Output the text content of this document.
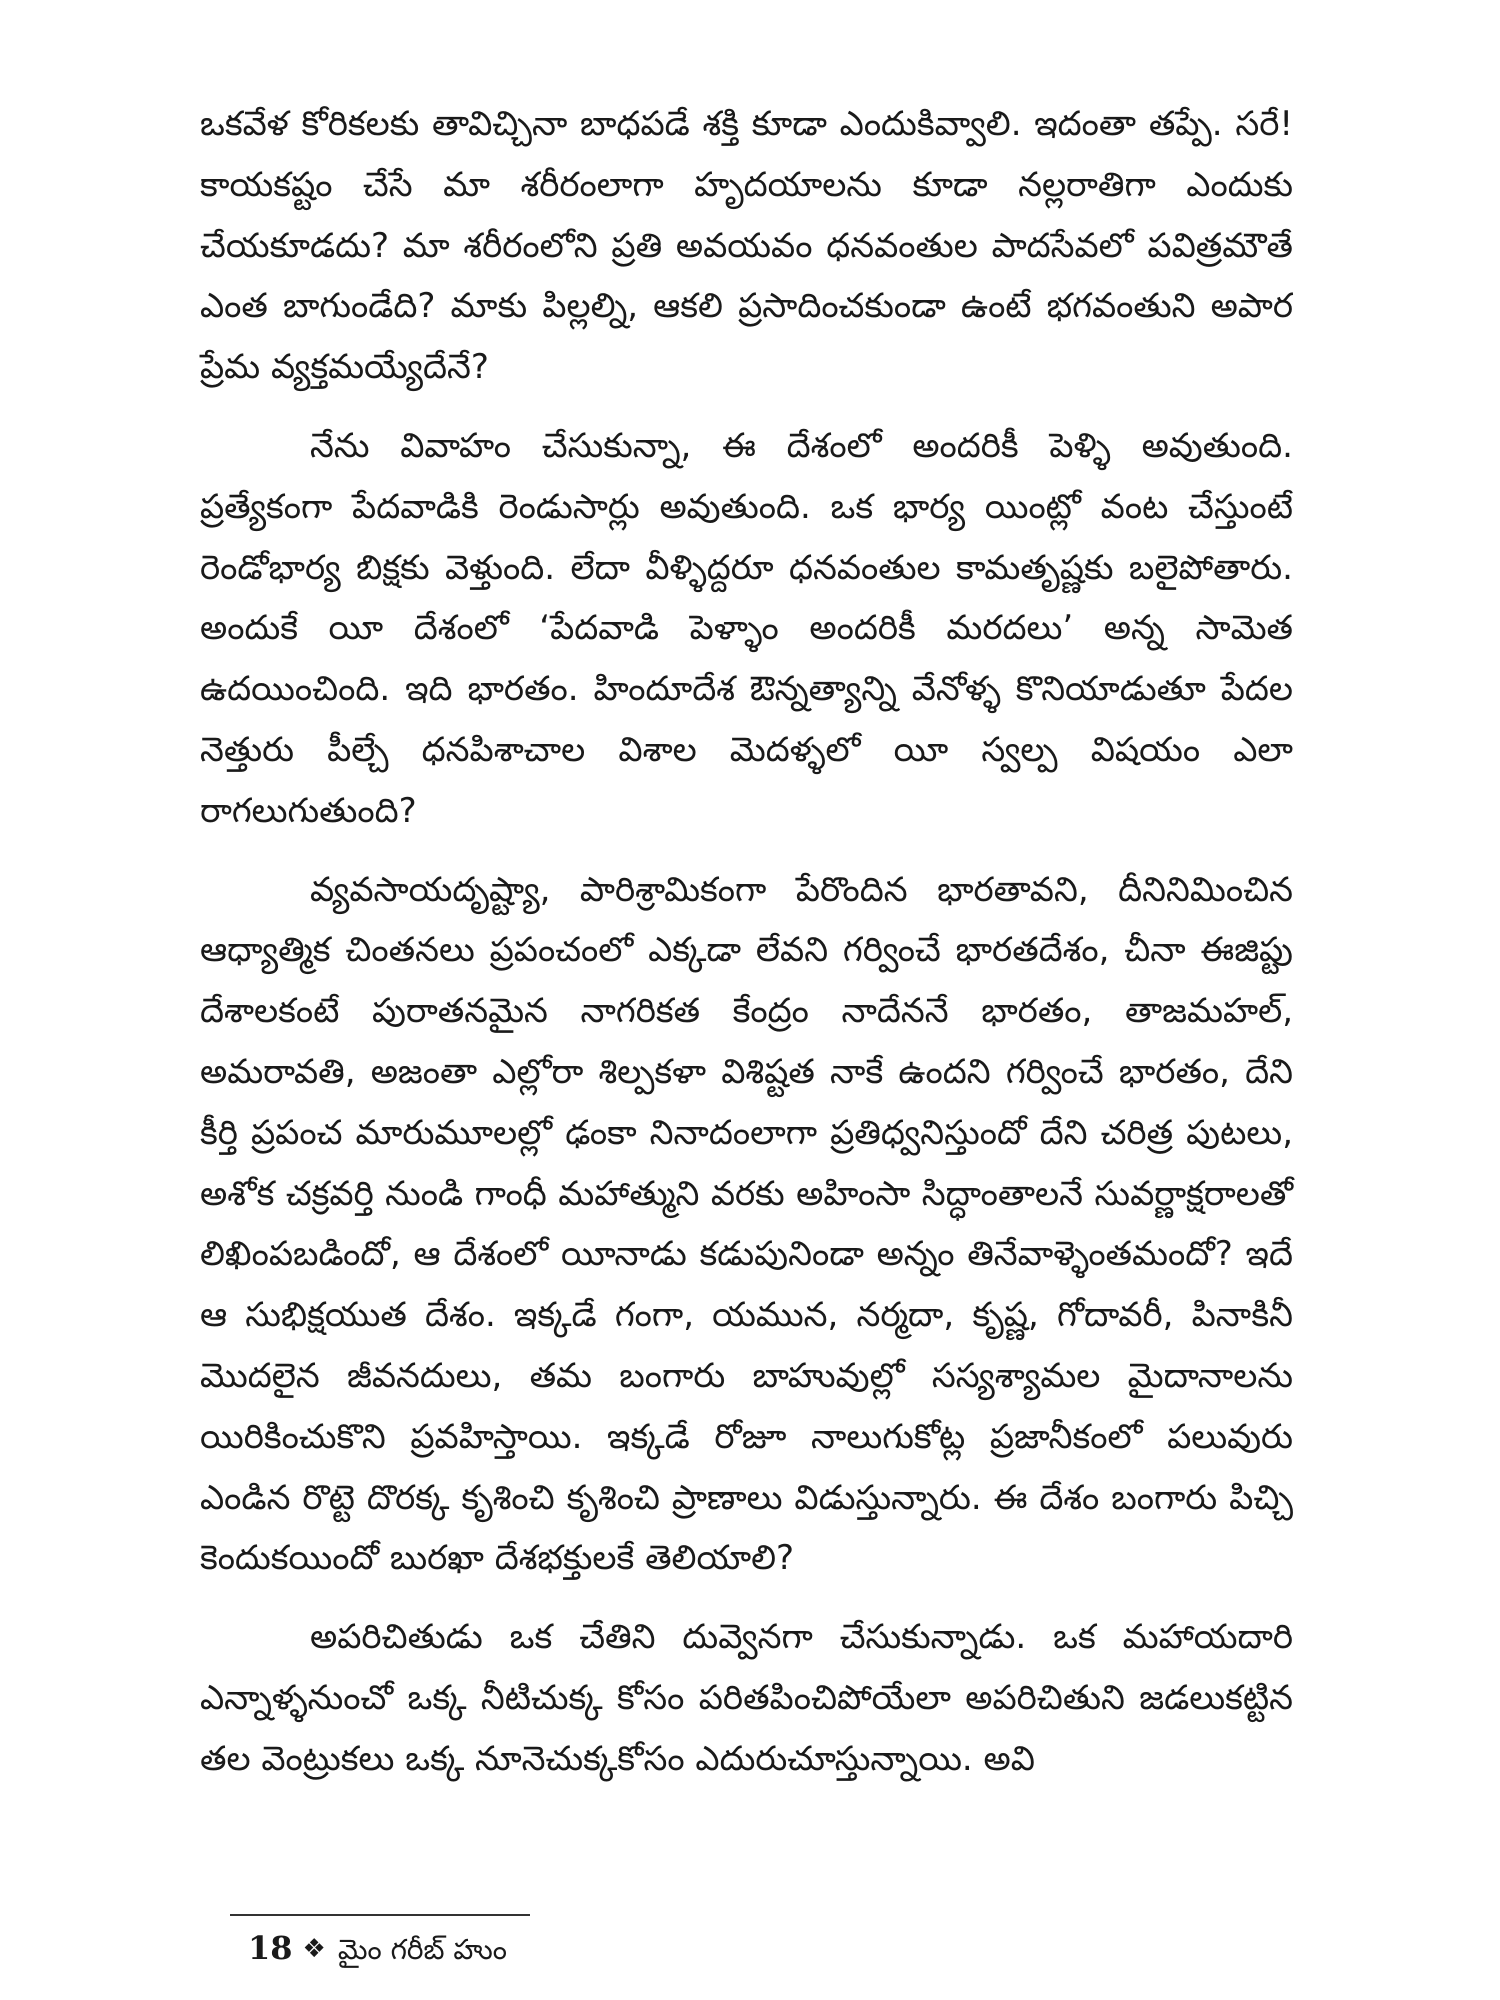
ఒకవేళ కోరికలకు తావిచ్చినా బాధపడే శక్తి కూడా ఎందుకివ్వాలి. ఇదంతా తప్పే. సరే! కాయకష్టం చేసే మా శరీరంలాగా హృదయాలను కూడా నల్లరాతిగా ఎందుకు చేయకూడదు? మా శరీరంలోని ప్రతి అవయవం ధనవంతుల పాదసేవలో పవిత్రమౌతే ఎంత బాగుండేది? మాకు పిల్లల్ని, ఆకలి ప్రసాదించకుండా ఉంటే భగవంతుని అపార ప్రేమ వ్యక్తమయ్యేదేనే?

నేను వివాహం చేసుకున్నా, ఈ దేశంలో అందరికీ పెళ్ళి అవుతుంది. ప్రత్యేకంగా పేదవాడికి రెండుసార్లు అవుతుంది. ఒక భార్య యింట్లో వంట చేస్తుంటే రెండోభార్య బిక్షకు వెళ్తుంది. లేదా వీళ్ళిద్దరూ ధనవంతుల కామతృష్ణకు బలైపోతారు. అందుకే యీ దేశంలో ‘పేదవాడి పెళ్ళాం అందరికీ మరదలు’ అన్న సామెత ఉదయించింది. ఇది భారతం. హిందూదేశ ఔన్నత్యాన్ని వేనోళ్ళ కొనియాడుతూ పేదల నెత్తురు పీల్చే ధనపిశాచాల విశాల మెదళ్ళలో యీ స్వల్ప విషయం ఎలా రాగలుగుతుంది?

వ్యవసాయదృష్ట్యా, పారిశ్రామికంగా పేరొందిన భారతావని, దీనినిమించిన ఆధ్యాత్మిక చింతనలు ప్రపంచంలో ఎక్కడా లేవని గర్వించే భారతదేశం, చీనా ఈజిప్టు దేశాలకంటే పురాతనమైన నాగరికత కేంద్రం నాదేననే భారతం, తాజమహల్, అమరావతి, అజంతా ఎల్లోరా శిల్పకళా విశిష్టత నాకే ఉందని గర్వించే భారతం, దేని కీర్తి ప్రపంచ మారుమూలల్లో ఢంకా నినాదంలాగా ప్రతిధ్వనిస్తుందో దేని చరిత్ర పుటలు, అశోక చక్రవర్తి నుండి గాంధీ మహాత్ముని వరకు అహింసా సిద్ధాంతాలనే సువర్ణాక్షరాలతో లిఖింపబడిందో, ఆ దేశంలో యీనాడు కడుపునిండా అన్నం తినేవాళ్ళెంతమందో? ఇదే ఆ సుభిక్షయుత దేశం. ఇక్కడే గంగా, యమున, నర్మదా, కృష్ణ, గోదావరీ, పినాకినీ మొదలైన జీవనదులు, తమ బంగారు బాహువుల్లో సస్యశ్యామల మైదానాలను యిరికించుకొని ప్రవహిస్తాయి. ఇక్కడే రోజూ నాలుగుకోట్ల ప్రజానీకంలో పలువురు ఎండిన రొట్టె దొరక్క కృశించి కృశించి ప్రాణాలు విడుస్తున్నారు. ఈ దేశం బంగారు పిచ్చి కెందుకయిందో బురఖా దేశభక్తులకే తెలియాలి?

అపరిచితుడు ఒక చేతిని దువ్వెనగా చేసుకున్నాడు. ఒక మహాయదారి ఎన్నాళ్ళనుంచో ఒక్క నీటిచుక్క కోసం పరితపించిపోయేలా అపరిచితుని జడలుకట్టిన తల వెంట్రుకలు ఒక్క నూనెచుక్కకోసం ఎదురుచూస్తున్నాయి. అవి

18 ❖ మైం గరీబ్ హుం
